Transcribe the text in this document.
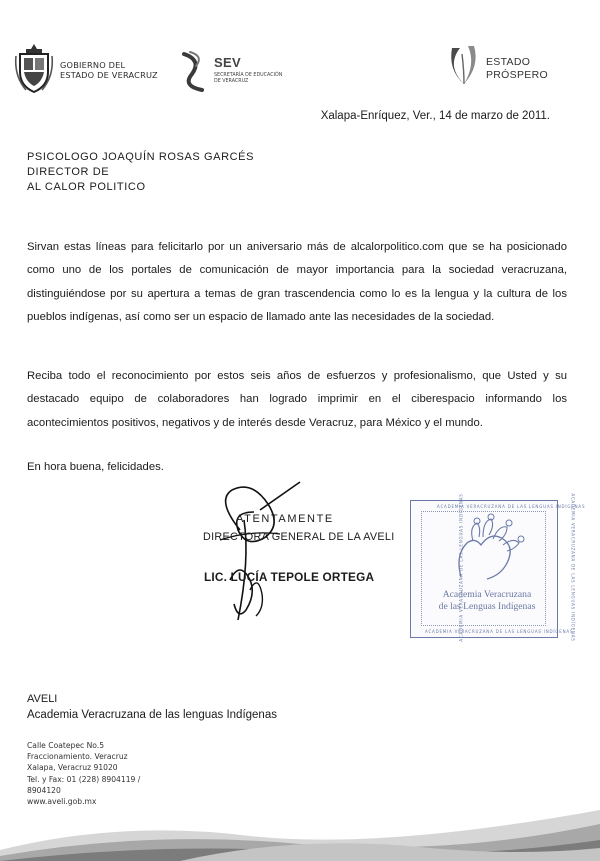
GOBIERNO DEL
ESTADO DE VERACRUZ
SEV
SECRETARÍA DE EDUCACIÓN
DE VERACRUZ
ESTADO
PRÓSPERO
Xalapa-Enríquez, Ver., 14 de marzo de 2011.
PSICOLOGO JOAQUÍN ROSAS GARCÉS
DIRECTOR DE
AL CALOR POLITICO

Sirvan estas líneas para felicitarlo por un aniversario más de alcalorpolitico.com que se ha posicionado como uno de los portales de comunicación de mayor importancia para la sociedad veracruzana, distinguiéndose por su apertura a temas de gran trascendencia como lo es la lengua y la cultura de los pueblos indígenas, así como ser un espacio de llamado ante las necesidades de la sociedad.

Reciba todo el reconocimiento por estos seis años de esfuerzos y profesionalismo, que Usted y su destacado equipo de colaboradores han logrado imprimir en el ciberespacio informando los acontecimientos positivos, negativos y de interés desde Veracruz, para México y el mundo.

En hora buena, felicidades.

ATENTAMENTE
DIRECTORA GENERAL DE LA AVELI
LIC. LUCÍA TEPOLE ORTEGA
ACADEMIA VERACRUZANA DE LAS LENGUAS INDÍGENAS
ACADEMIA VERACRUZANA DE LAS LENGUAS INDÍGENAS
ACADEMIA VERACRUZANA DE LAS LENGUAS INDÍGENAS	ACADEMIA VERACRUZANA DE LAS LENGUAS INDÍGENAS
Academia Veracruzana
de las Lenguas Indígenas
AVELI
Academia Veracruzana de las lenguas Indígenas
Calle Coatepec No.5
Fraccionamiento. Veracruz
Xalapa, Veracruz 91020
Tel. y Fax: 01 (228) 8904119 /
8904120
www.aveli.gob.mx
